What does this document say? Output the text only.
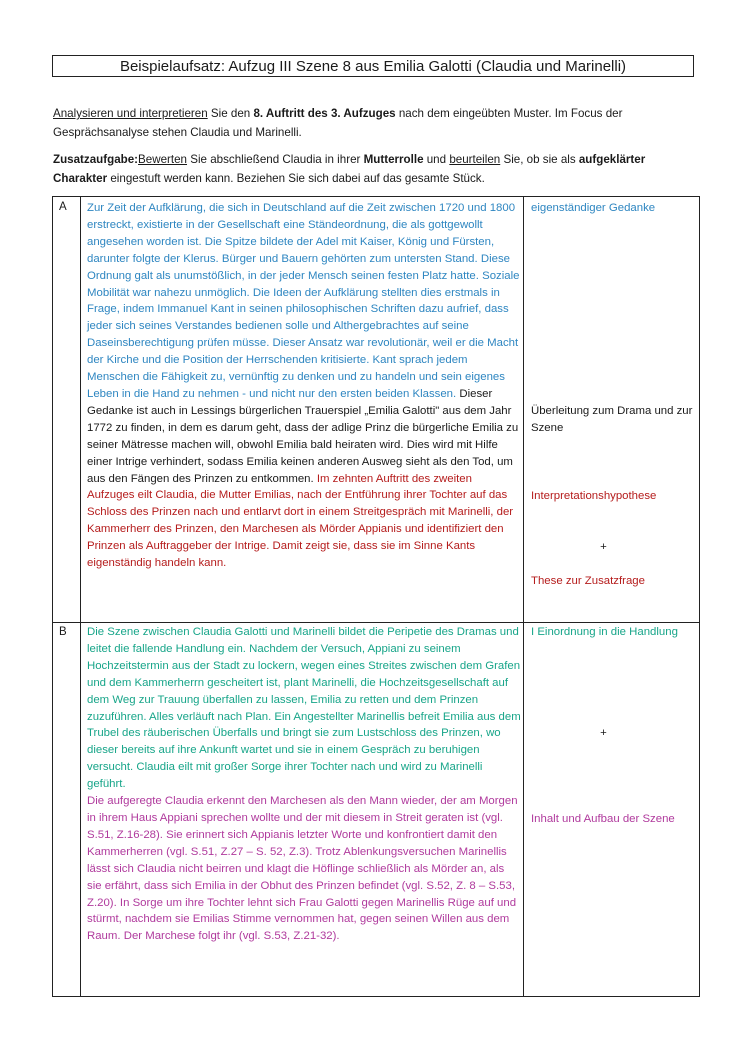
Beispielaufsatz: Aufzug III Szene 8 aus Emilia Galotti (Claudia und Marinelli)

Analysieren und interpretieren Sie den 8. Auftritt des 3. Aufzuges nach dem eingeübten Muster. Im Focus der Gesprächsanalyse stehen Claudia und Marinelli.

Zusatzaufgabe:Bewerten Sie abschließend Claudia in ihrer Mutterrolle und beurteilen Sie, ob sie als aufgeklärter Charakter eingestuft werden kann. Beziehen Sie sich dabei auf das gesamte Stück.

A Zur Zeit der Aufklärung, die sich in Deutschland auf die Zeit zwischen 1720 und 1800 erstreckt, existierte in der Gesellschaft eine Ständeordnung, die als gottgewollt angesehen worden ist. Die Spitze bildete der Adel mit Kaiser, König und Fürsten, darunter folgte der Klerus. Bürger und Bauern gehörten zum untersten Stand. Diese Ordnung galt als unumstößlich, in der jeder Mensch seinen festen Platz hatte. Soziale Mobilität war nahezu unmöglich. Die Ideen der Aufklärung stellten dies erstmals in Frage, indem Immanuel Kant in seinen philosophischen Schriften dazu aufrief, dass jeder sich seines Verstandes bedienen solle und Althergebrachtes auf seine Daseinsberechtigung prüfen müsse. Dieser Ansatz war revolutionär, weil er die Macht der Kirche und die Position der Herrschenden kritisierte. Kant sprach jedem Menschen die Fähigkeit zu, vernünftig zu denken und zu handeln und sein eigenes Leben in die Hand zu nehmen - und nicht nur den ersten beiden Klassen. Dieser Gedanke ist auch in Lessings bürgerlichen Trauerspiel „Emilia Galotti" aus dem Jahr 1772 zu finden, in dem es darum geht, dass der adlige Prinz die bürgerliche Emilia zu seiner Mätresse machen will, obwohl Emilia bald heiraten wird. Dies wird mit Hilfe einer Intrige verhindert, sodass Emilia keinen anderen Ausweg sieht als den Tod, um aus den Fängen des Prinzen zu entkommen. Im zehnten Auftritt des zweiten Aufzuges eilt Claudia, die Mutter Emilias, nach der Entführung ihrer Tochter auf das Schloss des Prinzen nach und entlarvt dort in einem Streitgespräch mit Marinelli, der Kammerherr des Prinzen, den Marchesen als Mörder Appianis und identifiziert den Prinzen als Auftraggeber der Intrige. Damit zeigt sie, dass sie im Sinne Kants eigenständig handeln kann.
eigenständiger Gedanke
Überleitung zum Drama und zur Szene
Interpretationshypothese
+
These zur Zusatzfrage
B Die Szene zwischen Claudia Galotti und Marinelli bildet die Peripetie des Dramas und leitet die fallende Handlung ein. Nachdem der Versuch, Appiani zu seinem Hochzeitstermin aus der Stadt zu lockern, wegen eines Streites zwischen dem Grafen und dem Kammerherrn gescheitert ist, plant Marinelli, die Hochzeitsgesellschaft auf dem Weg zur Trauung überfallen zu lassen, Emilia zu retten und dem Prinzen zuzuführen. Alles verläuft nach Plan. Ein Angestellter Marinellis befreit Emilia aus dem Trubel des räuberischen Überfalls und bringt sie zum Lustschloss des Prinzen, wo dieser bereits auf ihre Ankunft wartet und sie in einem Gespräch zu beruhigen versucht. Claudia eilt mit großer Sorge ihrer Tochter nach und wird zu Marinelli geführt.
Die aufgeregte Claudia erkennt den Marchesen als den Mann wieder, der am Morgen in ihrem Haus Appiani sprechen wollte und der mit diesem in Streit geraten ist (vgl. S.51, Z.16-28). Sie erinnert sich Appianis letzter Worte und konfrontiert damit den Kammerherren (vgl. S.51, Z.27 – S. 52, Z.3). Trotz Ablenkungsversuchen Marinellis lässt sich Claudia nicht beirren und klagt die Höflinge schließlich als Mörder an, als sie erfährt, dass sich Emilia in der Obhut des Prinzen befindet (vgl. S.52, Z. 8 – S.53, Z.20). In Sorge um ihre Tochter lehnt sich Frau Galotti gegen Marinellis Rüge auf und stürmt, nachdem sie Emilias Stimme vernommen hat, gegen seinen Willen aus dem Raum. Der Marchese folgt ihr (vgl. S.53, Z.21-32).
I Einordnung in die Handlung
+
Inhalt und Aufbau der Szene
